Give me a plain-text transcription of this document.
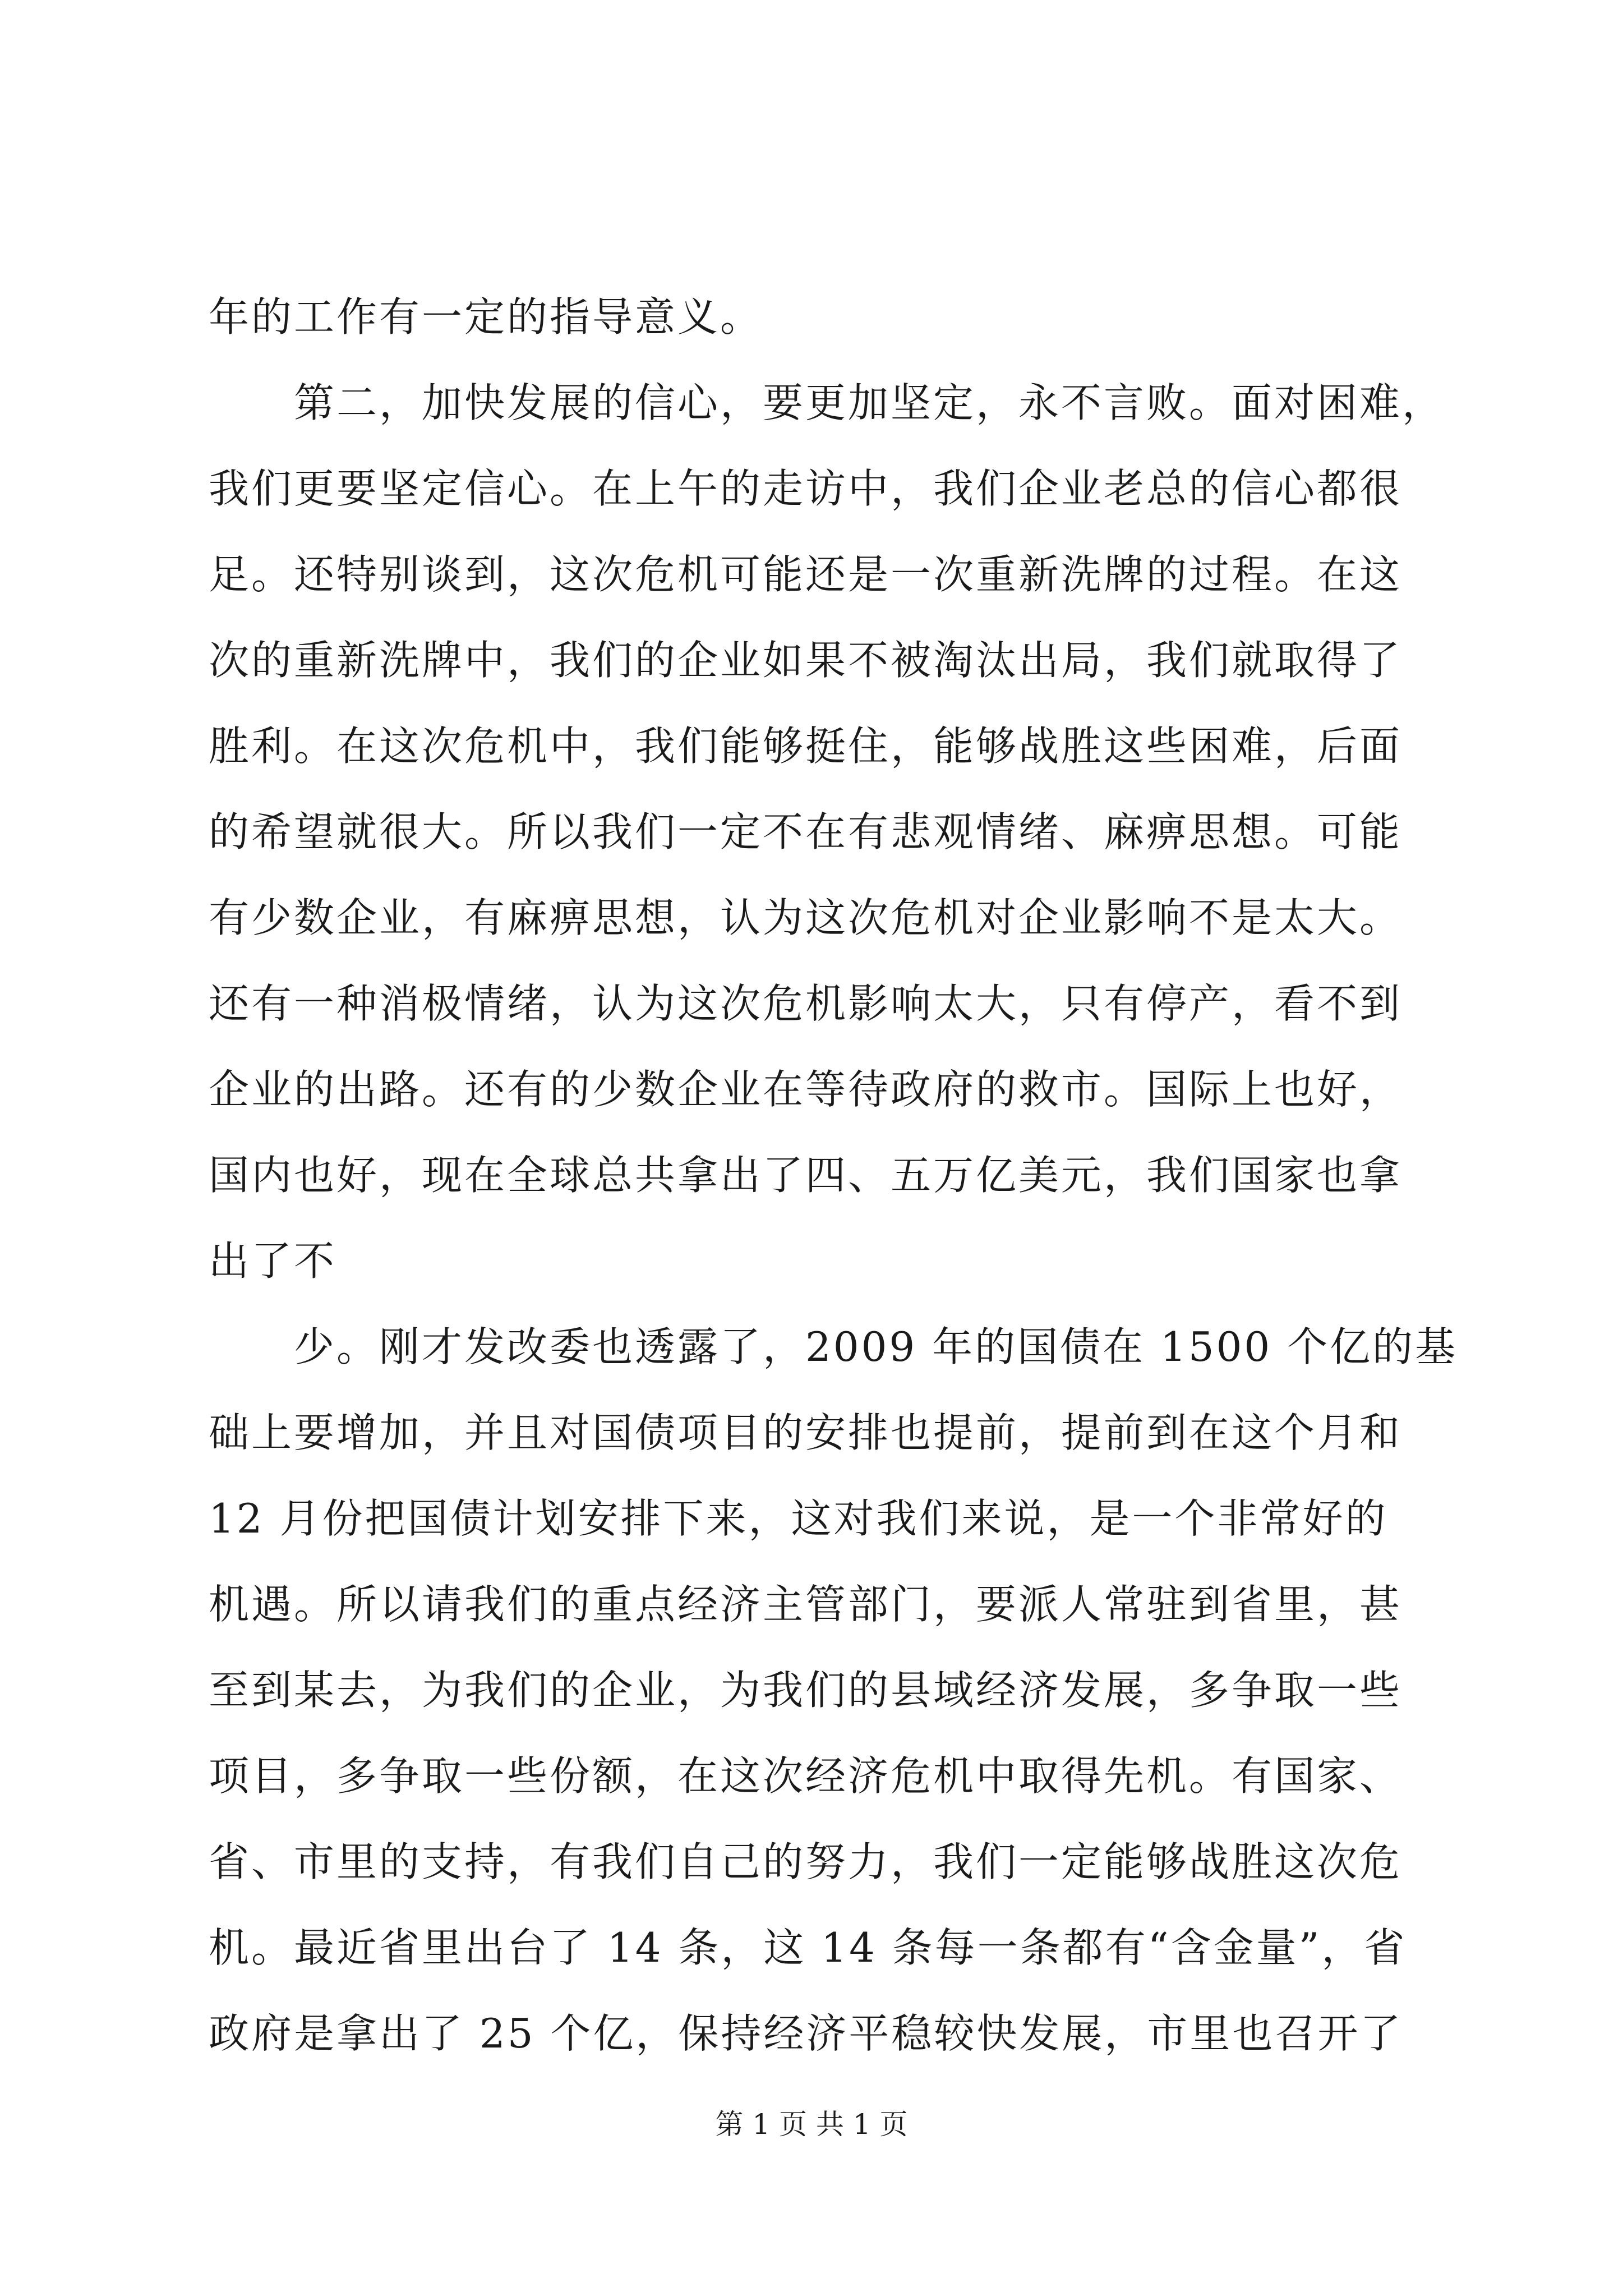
年的工作有一定的指导意义。
　　第二，加快发展的信心，要更加坚定，永不言败。面对困难，
我们更要坚定信心。在上午的走访中，我们企业老总的信心都很
足。还特别谈到，这次危机可能还是一次重新洗牌的过程。在这
次的重新洗牌中，我们的企业如果不被淘汰出局，我们就取得了
胜利。在这次危机中，我们能够挺住，能够战胜这些困难，后面
的希望就很大。所以我们一定不在有悲观情绪、麻痹思想。可能
有少数企业，有麻痹思想，认为这次危机对企业影响不是太大。
还有一种消极情绪，认为这次危机影响太大，只有停产，看不到
企业的出路。还有的少数企业在等待政府的救市。国际上也好，
国内也好，现在全球总共拿出了四、五万亿美元，我们国家也拿
出了不
　　少。刚才发改委也透露了，2009 年的国债在 1500 个亿的基
础上要增加，并且对国债项目的安排也提前，提前到在这个月和
12 月份把国债计划安排下来，这对我们来说，是一个非常好的
机遇。所以请我们的重点经济主管部门，要派人常驻到省里，甚
至到某去，为我们的企业，为我们的县域经济发展，多争取一些
项目，多争取一些份额，在这次经济危机中取得先机。有国家、
省、市里的支持，有我们自己的努力，我们一定能够战胜这次危
机。最近省里出台了 14 条，这 14 条每一条都有“含金量”，省
政府是拿出了 25 个亿，保持经济平稳较快发展，市里也召开了
第 1 页 共 1 页
